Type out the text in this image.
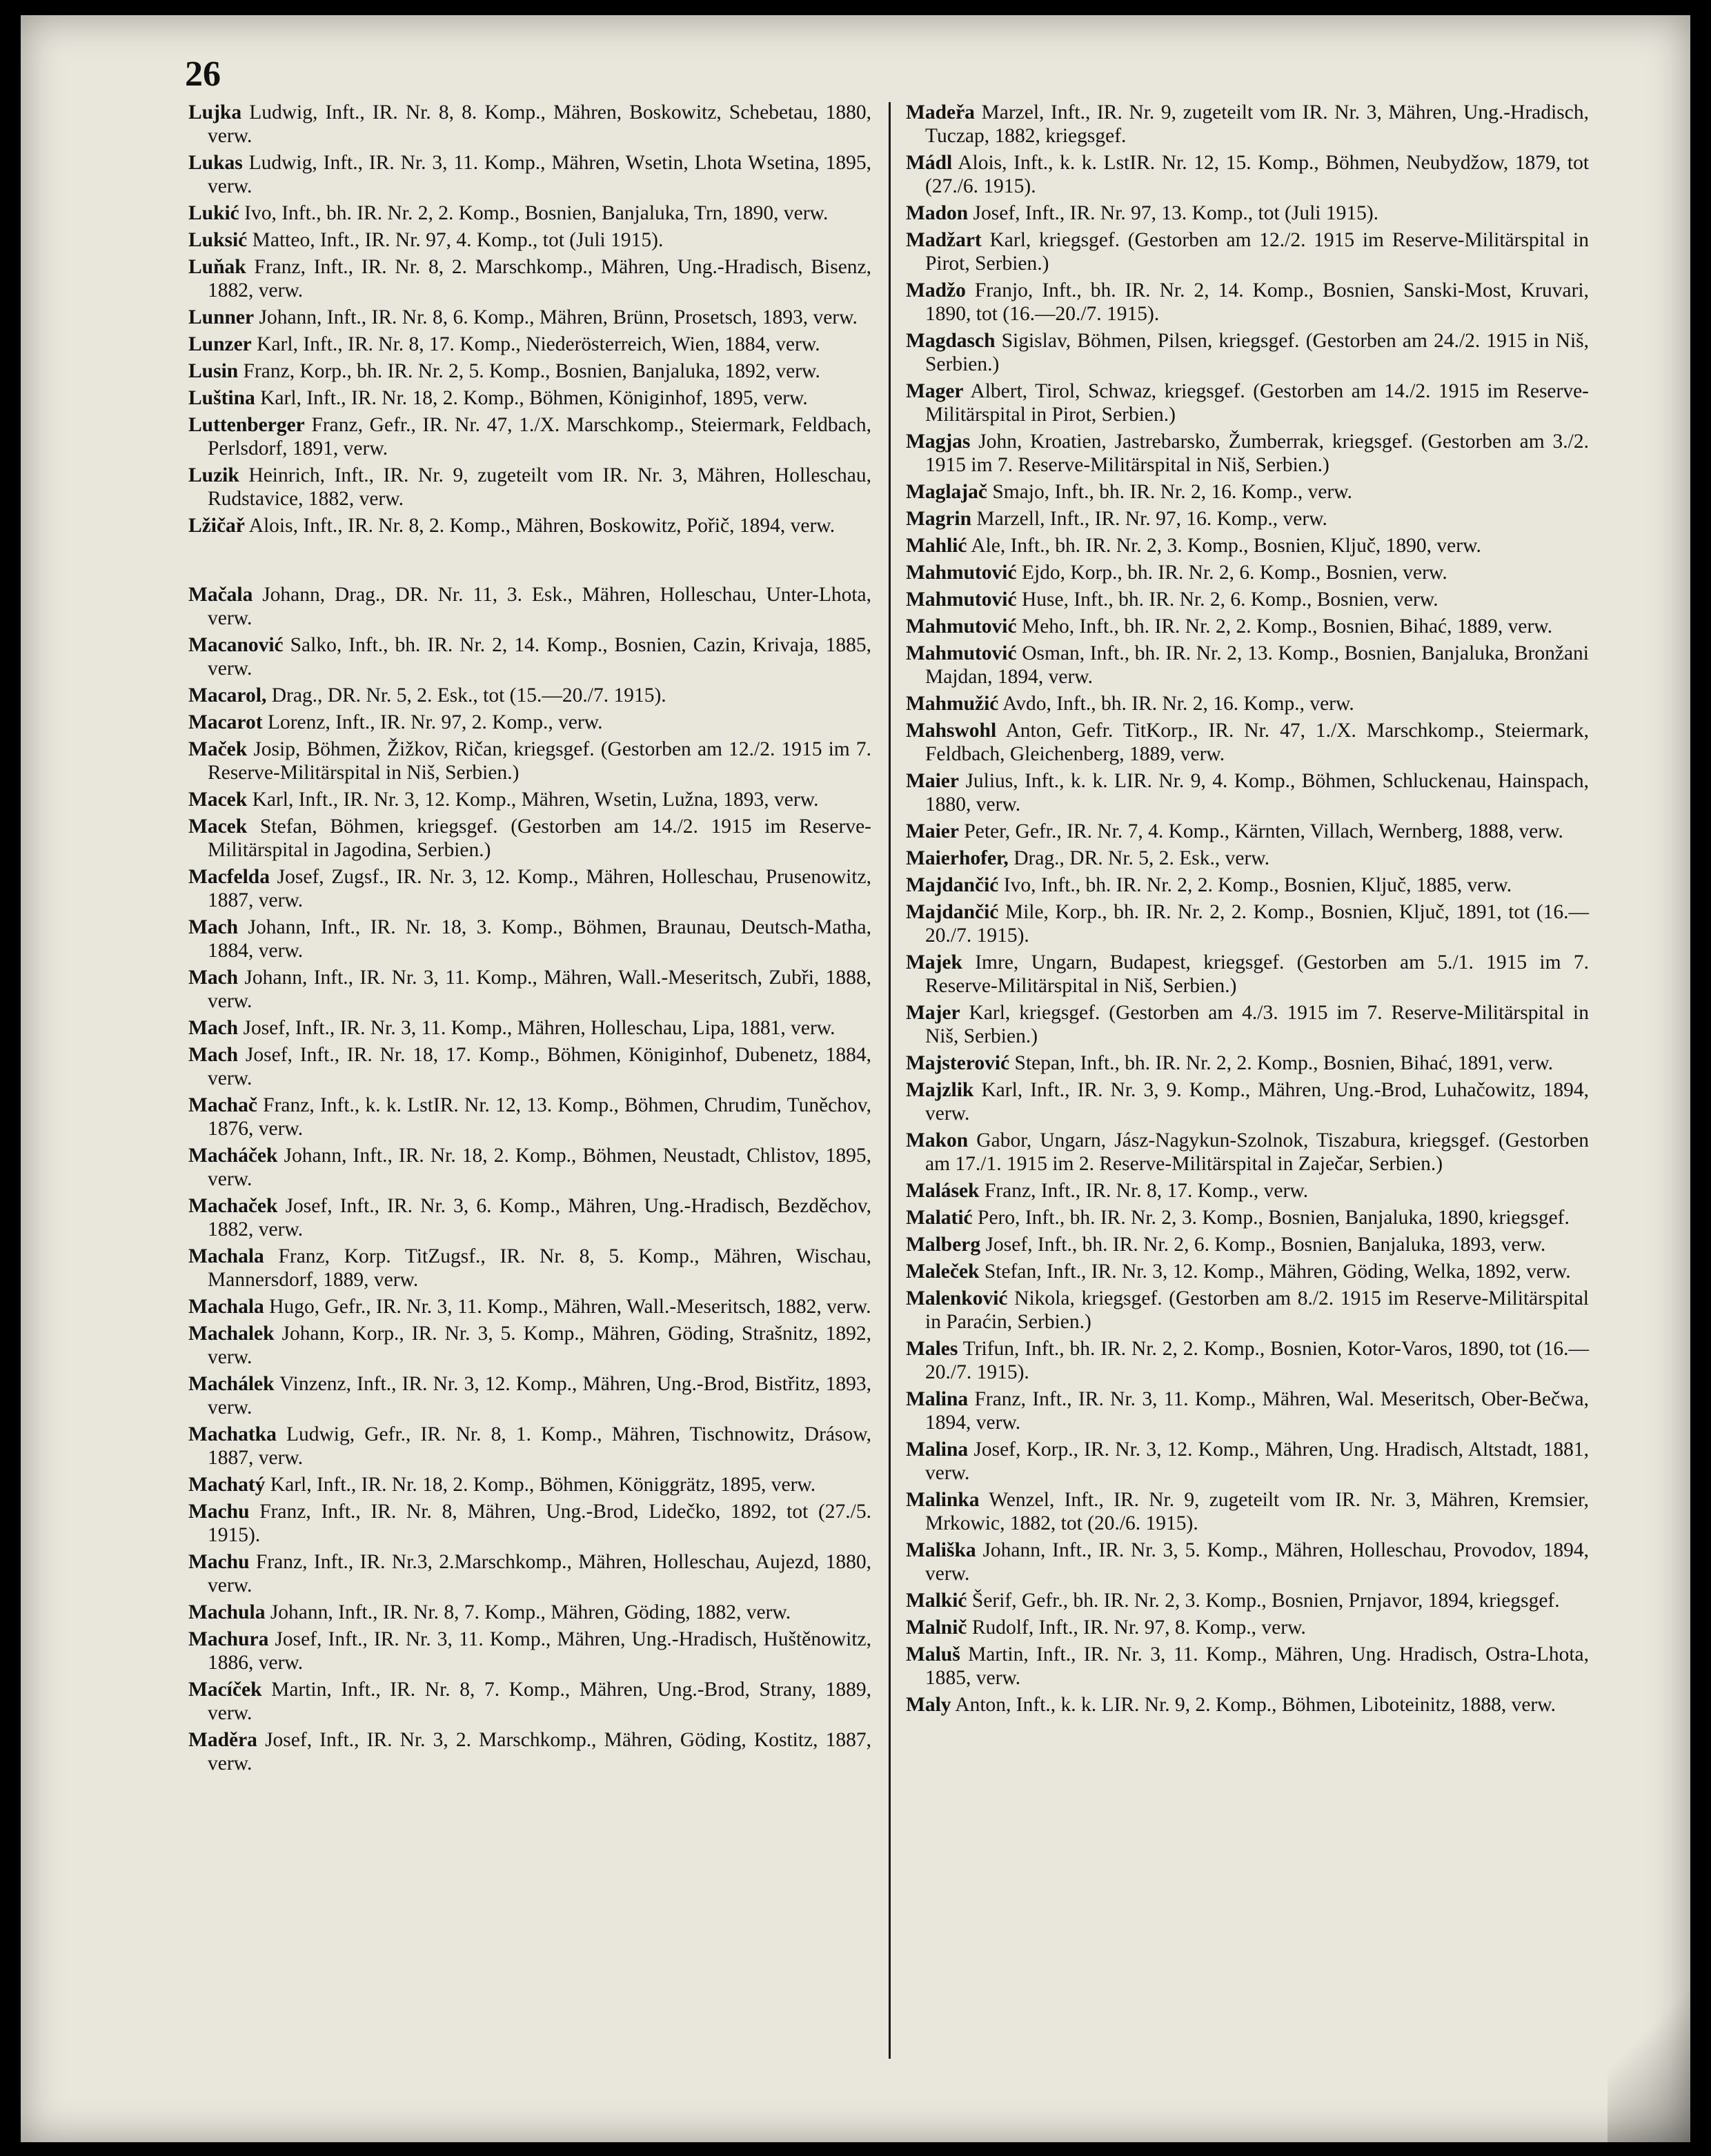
26

Lujka Ludwig, Inft., IR. Nr. 8, 8. Komp., Mähren, Boskowitz, Schebetau, 1880, verw.

Lukas Ludwig, Inft., IR. Nr. 3, 11. Komp., Mähren, Wsetin, Lhota Wsetina, 1895, verw.

Lukić Ivo, Inft., bh. IR. Nr. 2, 2. Komp., Bosnien, Banjaluka, Trn, 1890, verw.

Luksić Matteo, Inft., IR. Nr. 97, 4. Komp., tot (Juli 1915).

Luňak Franz, Inft., IR. Nr. 8, 2. Marschkomp., Mähren, Ung.-Hradisch, Bisenz, 1882, verw.

Lunner Johann, Inft., IR. Nr. 8, 6. Komp., Mähren, Brünn, Prosetsch, 1893, verw.

Lunzer Karl, Inft., IR. Nr. 8, 17. Komp., Niederösterreich, Wien, 1884, verw.

Lusin Franz, Korp., bh. IR. Nr. 2, 5. Komp., Bosnien, Banjaluka, 1892, verw.

Luština Karl, Inft., IR. Nr. 18, 2. Komp., Böhmen, Königinhof, 1895, verw.

Luttenberger Franz, Gefr., IR. Nr. 47, 1./X. Marschkomp., Steiermark, Feldbach, Perlsdorf, 1891, verw.

Luzik Heinrich, Inft., IR. Nr. 9, zugeteilt vom IR. Nr. 3, Mähren, Holleschau, Rudstavice, 1882, verw.

Lžičař Alois, Inft., IR. Nr. 8, 2. Komp., Mähren, Boskowitz, Pořič, 1894, verw.

Mačala Johann, Drag., DR. Nr. 11, 3. Esk., Mähren, Holleschau, Unter-Lhota, verw.

Macanović Salko, Inft., bh. IR. Nr. 2, 14. Komp., Bosnien, Cazin, Krivaja, 1885, verw.

Macarol, Drag., DR. Nr. 5, 2. Esk., tot (15.—20./7. 1915).

Macarot Lorenz, Inft., IR. Nr. 97, 2. Komp., verw.

Maček Josip, Böhmen, Žižkov, Ričan, kriegsgef. (Gestorben am 12./2. 1915 im 7. Reserve-Militärspital in Niš, Serbien.)

Macek Karl, Inft., IR. Nr. 3, 12. Komp., Mähren, Wsetin, Lužna, 1893, verw.

Macek Stefan, Böhmen, kriegsgef. (Gestorben am 14./2. 1915 im Reserve-Militärspital in Jagodina, Serbien.)

Macfelda Josef, Zugsf., IR. Nr. 3, 12. Komp., Mähren, Holleschau, Prusenowitz, 1887, verw.

Mach Johann, Inft., IR. Nr. 18, 3. Komp., Böhmen, Braunau, Deutsch-Matha, 1884, verw.

Mach Johann, Inft., IR. Nr. 3, 11. Komp., Mähren, Wall.-Meseritsch, Zubři, 1888, verw.

Mach Josef, Inft., IR. Nr. 3, 11. Komp., Mähren, Holleschau, Lipa, 1881, verw.

Mach Josef, Inft., IR. Nr. 18, 17. Komp., Böhmen, Königinhof, Dubenetz, 1884, verw.

Machač Franz, Inft., k. k. LstIR. Nr. 12, 13. Komp., Böhmen, Chrudim, Tuněchov, 1876, verw.

Macháček Johann, Inft., IR. Nr. 18, 2. Komp., Böhmen, Neustadt, Chlistov, 1895, verw.

Machaček Josef, Inft., IR. Nr. 3, 6. Komp., Mähren, Ung.-Hradisch, Bezděchov, 1882, verw.

Machala Franz, Korp. TitZugsf., IR. Nr. 8, 5. Komp., Mähren, Wischau, Mannersdorf, 1889, verw.

Machala Hugo, Gefr., IR. Nr. 3, 11. Komp., Mähren, Wall.-Meseritsch, 1882, verw.

Machalek Johann, Korp., IR. Nr. 3, 5. Komp., Mähren, Göding, Strašnitz, 1892, verw.

Machálek Vinzenz, Inft., IR. Nr. 3, 12. Komp., Mähren, Ung.-Brod, Bistřitz, 1893, verw.

Machatka Ludwig, Gefr., IR. Nr. 8, 1. Komp., Mähren, Tischnowitz, Drásow, 1887, verw.

Machatý Karl, Inft., IR. Nr. 18, 2. Komp., Böhmen, Königgrätz, 1895, verw.

Machu Franz, Inft., IR. Nr. 8, Mähren, Ung.-Brod, Lidečko, 1892, tot (27./5. 1915).

Machu Franz, Inft., IR. Nr.3, 2.Marschkomp., Mähren, Holleschau, Aujezd, 1880, verw.

Machula Johann, Inft., IR. Nr. 8, 7. Komp., Mähren, Göding, 1882, verw.

Machura Josef, Inft., IR. Nr. 3, 11. Komp., Mähren, Ung.-Hradisch, Huštěnowitz, 1886, verw.

Macíček Martin, Inft., IR. Nr. 8, 7. Komp., Mähren, Ung.-Brod, Strany, 1889, verw.

Maděra Josef, Inft., IR. Nr. 3, 2. Marschkomp., Mähren, Göding, Kostitz, 1887, verw.

Madeřa Marzel, Inft., IR. Nr. 9, zugeteilt vom IR. Nr. 3, Mähren, Ung.-Hradisch, Tuczap, 1882, kriegsgef.

Mádl Alois, Inft., k. k. LstIR. Nr. 12, 15. Komp., Böhmen, Neubydžow, 1879, tot (27./6. 1915).

Madon Josef, Inft., IR. Nr. 97, 13. Komp., tot (Juli 1915).

Madžart Karl, kriegsgef. (Gestorben am 12./2. 1915 im Reserve-Militärspital in Pirot, Serbien.)

Madžo Franjo, Inft., bh. IR. Nr. 2, 14. Komp., Bosnien, Sanski-Most, Kruvari, 1890, tot (16.—20./7. 1915).

Magdasch Sigislav, Böhmen, Pilsen, kriegsgef. (Gestorben am 24./2. 1915 in Niš, Serbien.)

Mager Albert, Tirol, Schwaz, kriegsgef. (Gestorben am 14./2. 1915 im Reserve-Militärspital in Pirot, Serbien.)

Magjas John, Kroatien, Jastrebarsko, Žumberrak, kriegsgef. (Gestorben am 3./2. 1915 im 7. Reserve-Militärspital in Niš, Serbien.)

Maglajač Smajo, Inft., bh. IR. Nr. 2, 16. Komp., verw.

Magrin Marzell, Inft., IR. Nr. 97, 16. Komp., verw.

Mahlić Ale, Inft., bh. IR. Nr. 2, 3. Komp., Bosnien, Ključ, 1890, verw.

Mahmutović Ejdo, Korp., bh. IR. Nr. 2, 6. Komp., Bosnien, verw.

Mahmutović Huse, Inft., bh. IR. Nr. 2, 6. Komp., Bosnien, verw.

Mahmutović Meho, Inft., bh. IR. Nr. 2, 2. Komp., Bosnien, Bihać, 1889, verw.

Mahmutović Osman, Inft., bh. IR. Nr. 2, 13. Komp., Bosnien, Banjaluka, Bronžani Majdan, 1894, verw.

Mahmužić Avdo, Inft., bh. IR. Nr. 2, 16. Komp., verw.

Mahswohl Anton, Gefr. TitKorp., IR. Nr. 47, 1./X. Marschkomp., Steiermark, Feldbach, Gleichenberg, 1889, verw.

Maier Julius, Inft., k. k. LIR. Nr. 9, 4. Komp., Böhmen, Schluckenau, Hainspach, 1880, verw.

Maier Peter, Gefr., IR. Nr. 7, 4. Komp., Kärnten, Villach, Wernberg, 1888, verw.

Maierhofer, Drag., DR. Nr. 5, 2. Esk., verw.

Majdančić Ivo, Inft., bh. IR. Nr. 2, 2. Komp., Bosnien, Ključ, 1885, verw.

Majdančić Mile, Korp., bh. IR. Nr. 2, 2. Komp., Bosnien, Ključ, 1891, tot (16.—20./7. 1915).

Majek Imre, Ungarn, Budapest, kriegsgef. (Gestorben am 5./1. 1915 im 7. Reserve-Militärspital in Niš, Serbien.)

Majer Karl, kriegsgef. (Gestorben am 4./3. 1915 im 7. Reserve-Militärspital in Niš, Serbien.)

Majsterović Stepan, Inft., bh. IR. Nr. 2, 2. Komp., Bosnien, Bihać, 1891, verw.

Majzlik Karl, Inft., IR. Nr. 3, 9. Komp., Mähren, Ung.-Brod, Luhačowitz, 1894, verw.

Makon Gabor, Ungarn, Jász-Nagykun-Szolnok, Tiszabura, kriegsgef. (Gestorben am 17./1. 1915 im 2. Reserve-Militärspital in Zaječar, Serbien.)

Malásek Franz, Inft., IR. Nr. 8, 17. Komp., verw.

Malatić Pero, Inft., bh. IR. Nr. 2, 3. Komp., Bosnien, Banjaluka, 1890, kriegsgef.

Malberg Josef, Inft., bh. IR. Nr. 2, 6. Komp., Bosnien, Banjaluka, 1893, verw.

Maleček Stefan, Inft., IR. Nr. 3, 12. Komp., Mähren, Göding, Welka, 1892, verw.

Malenković Nikola, kriegsgef. (Gestorben am 8./2. 1915 im Reserve-Militärspital in Paraćin, Serbien.)

Males Trifun, Inft., bh. IR. Nr. 2, 2. Komp., Bosnien, Kotor-Varos, 1890, tot (16.—20./7. 1915).

Malina Franz, Inft., IR. Nr. 3, 11. Komp., Mähren, Wal. Meseritsch, Ober-Bečwa, 1894, verw.

Malina Josef, Korp., IR. Nr. 3, 12. Komp., Mähren, Ung. Hradisch, Altstadt, 1881, verw.

Malinka Wenzel, Inft., IR. Nr. 9, zugeteilt vom IR. Nr. 3, Mähren, Kremsier, Mrkowic, 1882, tot (20./6. 1915).

Mališka Johann, Inft., IR. Nr. 3, 5. Komp., Mähren, Holleschau, Provodov, 1894, verw.

Malkić Šerif, Gefr., bh. IR. Nr. 2, 3. Komp., Bosnien, Prnjavor, 1894, kriegsgef.

Malnič Rudolf, Inft., IR. Nr. 97, 8. Komp., verw.

Maluš Martin, Inft., IR. Nr. 3, 11. Komp., Mähren, Ung. Hradisch, Ostra-Lhota, 1885, verw.

Maly Anton, Inft., k. k. LIR. Nr. 9, 2. Komp., Böhmen, Liboteinitz, 1888, verw.
